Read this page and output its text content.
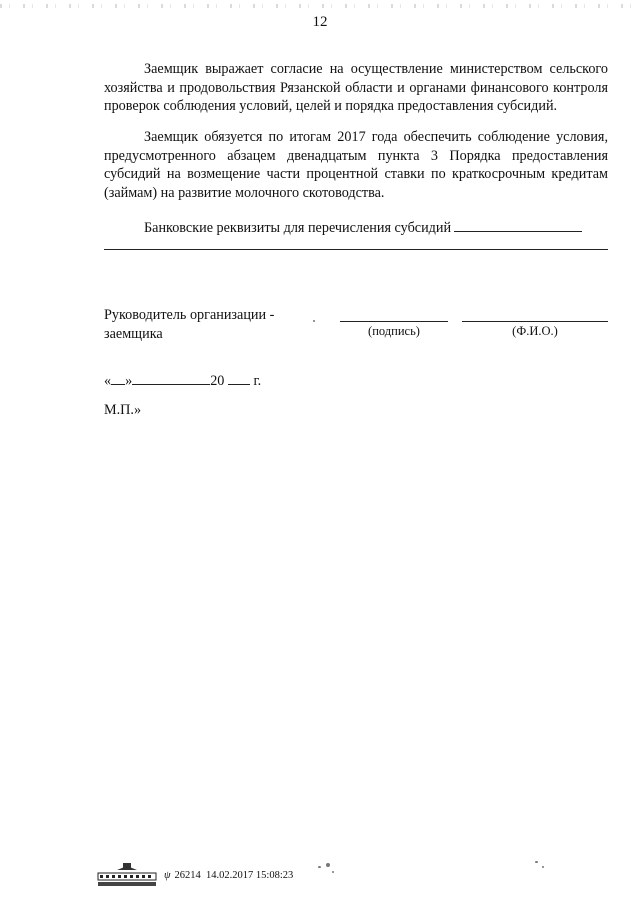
12

Заемщик выражает согласие на осуществление министерством сельского хозяйства и продовольствия Рязанской области и органами финансового контроля проверок соблюдения условий, целей и порядка предоставления субсидий.

Заемщик обязуется по итогам 2017 года обеспечить соблюдение условия, предусмотренного абзацем двенадцатым пункта 3 Порядка предоставления субсидий на возмещение части процентной ставки по краткосрочным кредитам (займам) на развитие молочного скотоводства.

Банковские реквизиты для перечисления субсидий
Руководитель организации -
заемщика	(подпись)	(Ф.И.О.)
« »	20 г.
М.П.»
ψ 26214 14.02.2017 15:08:23
